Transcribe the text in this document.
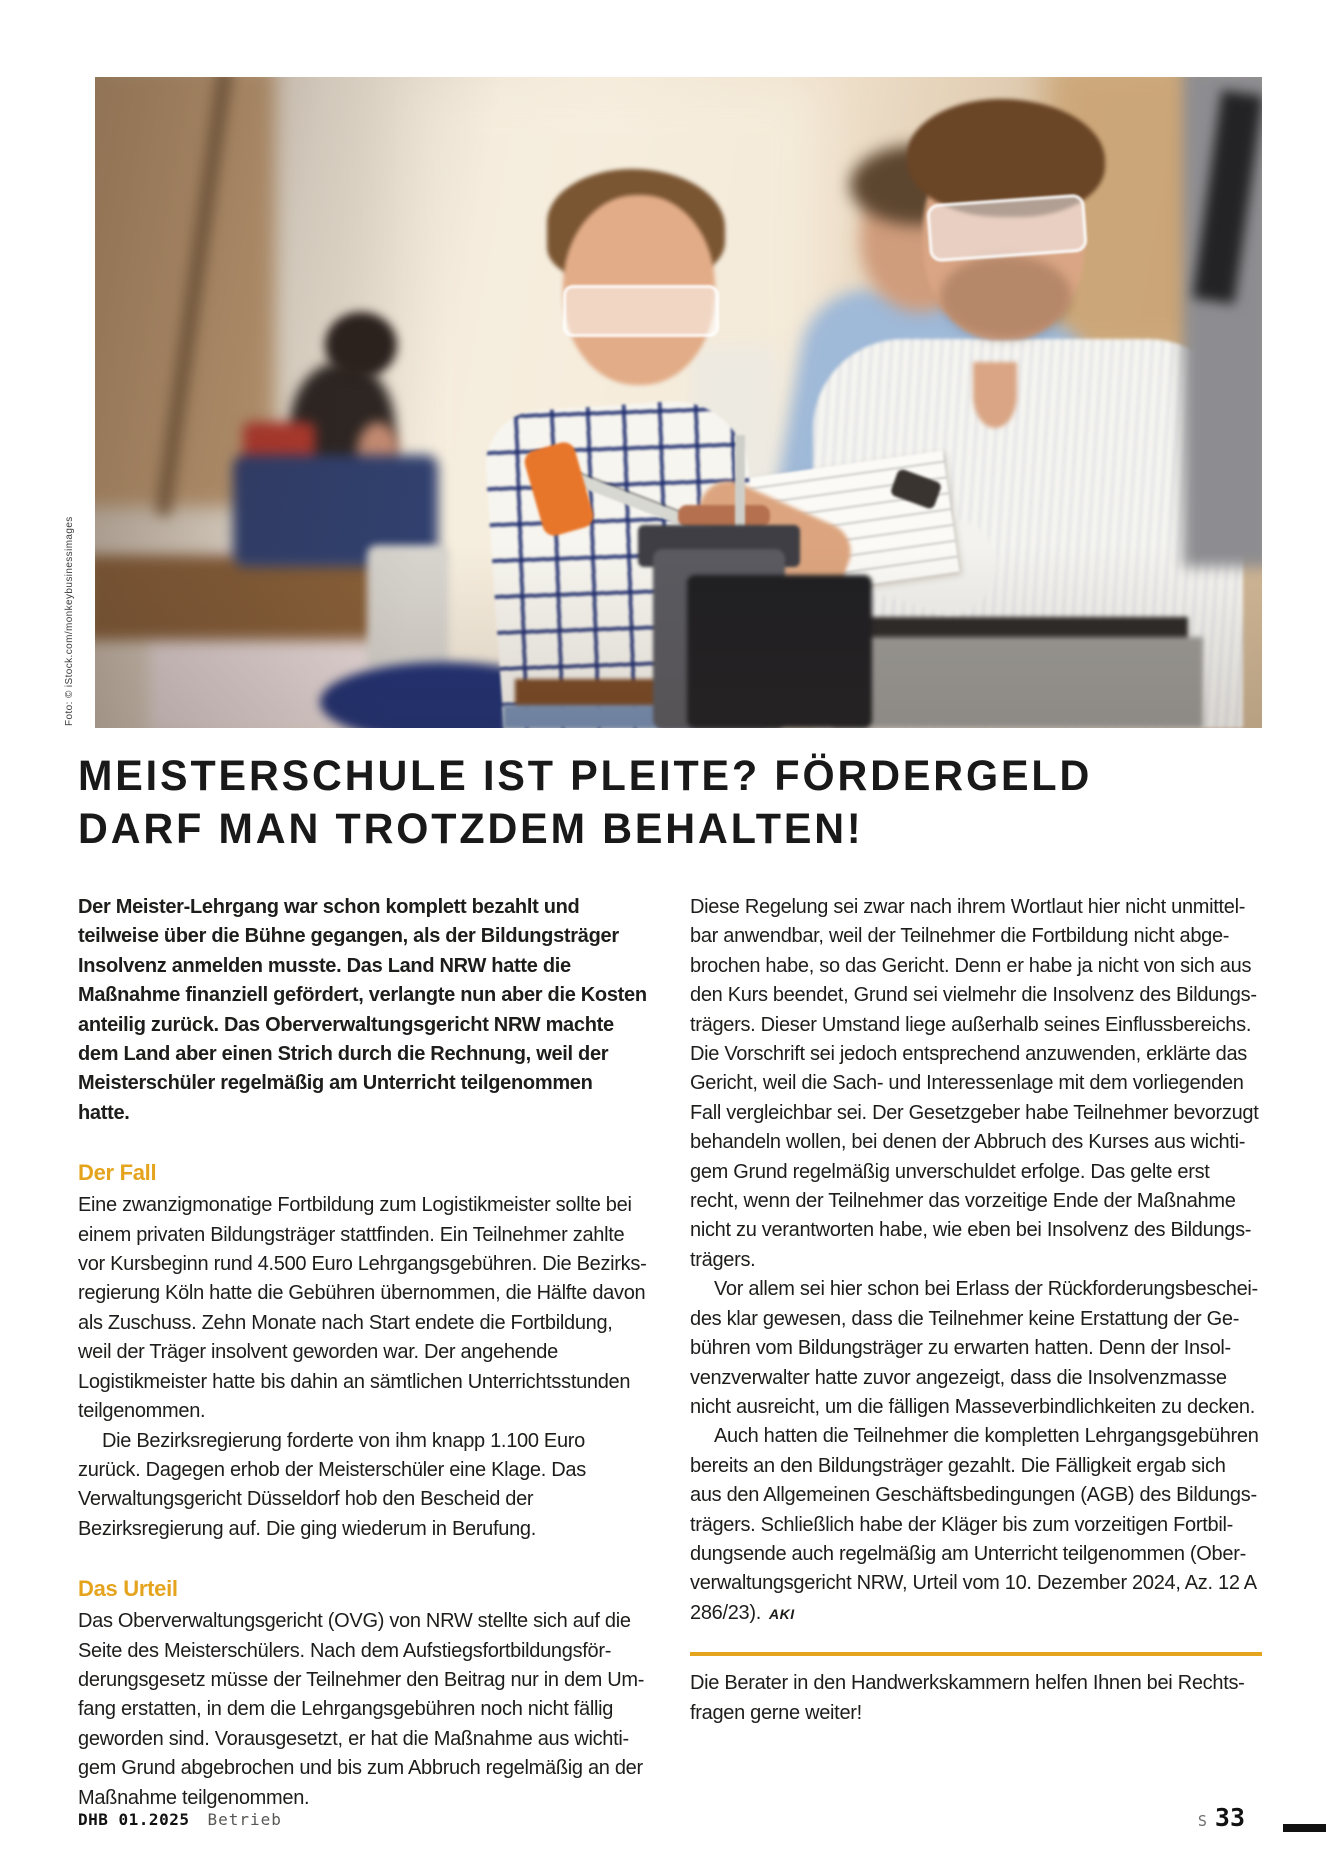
Foto: © iStock.com/monkeybusinessimages
MEISTERSCHULE IST PLEITE? FÖRDERGELD
DARF MAN TROTZDEM BEHALTEN!

Der Meister-Lehrgang war schon komplett bezahlt und teilweise über die Bühne gegangen, als der Bildungsträger Insolvenz anmelden musste. Das Land NRW hatte die Maßnahme finanziell gefördert, verlangte nun aber die Kosten anteilig zurück. Das Oberverwaltungsgericht NRW machte dem Land aber einen Strich durch die Rechnung, weil der Meisterschüler regelmäßig am Unterricht teilgenommen hatte.

Der Fall

Eine zwanzigmonatige Fortbildung zum Logistikmeister sollte bei einem privaten Bildungsträger stattfinden. Ein Teilnehmer zahlte vor Kursbeginn rund 4.500 Euro Lehrgangsgebühren. Die Bezirksregierung Köln hatte die Gebühren übernommen, die Hälfte davon als Zuschuss. Zehn Monate nach Start endete die Fortbildung, weil der Träger insolvent geworden war. Der angehende Logistikmeister hatte bis dahin an sämtlichen Unterrichtsstunden teilgenommen.

Die Bezirksregierung forderte von ihm knapp 1.100 Euro zurück. Dagegen erhob der Meisterschüler eine Klage. Das Verwaltungsgericht Düsseldorf hob den Bescheid der Bezirksregierung auf. Die ging wiederum in Berufung.

Das Urteil

Das Oberverwaltungsgericht (OVG) von NRW stellte sich auf die Seite des Meisterschülers. Nach dem Aufstiegsfortbildungsförderungsgesetz müsse der Teilnehmer den Beitrag nur in dem Umfang erstatten, in dem die Lehrgangsgebühren noch nicht fällig geworden sind. Vorausgesetzt, er hat die Maßnahme aus wichtigem Grund abgebrochen und bis zum Abbruch regelmäßig an der Maßnahme teilgenommen.

Diese Regelung sei zwar nach ihrem Wortlaut hier nicht unmittelbar anwendbar, weil der Teilnehmer die Fortbildung nicht abgebrochen habe, so das Gericht. Denn er habe ja nicht von sich aus den Kurs beendet, Grund sei vielmehr die Insolvenz des Bildungsträgers. Dieser Umstand liege außerhalb seines Einflussbereichs. Die Vorschrift sei jedoch entsprechend anzuwenden, erklärte das Gericht, weil die Sach- und Interessenlage mit dem vorliegenden Fall vergleichbar sei. Der Gesetzgeber habe Teilnehmer bevorzugt behandeln wollen, bei denen der Abbruch des Kurses aus wichtigem Grund regelmäßig unverschuldet erfolge. Das gelte erst recht, wenn der Teilnehmer das vorzeitige Ende der Maßnahme nicht zu verantworten habe, wie eben bei Insolvenz des Bildungsträgers.

Vor allem sei hier schon bei Erlass der Rückforderungsbescheides klar gewesen, dass die Teilnehmer keine Erstattung der Gebühren vom Bildungsträger zu erwarten hatten. Denn der Insolvenzverwalter hatte zuvor angezeigt, dass die Insolvenzmasse nicht ausreicht, um die fälligen Masseverbindlichkeiten zu decken.

Auch hatten die Teilnehmer die kompletten Lehrgangsgebühren bereits an den Bildungsträger gezahlt. Die Fälligkeit ergab sich aus den Allgemeinen Geschäftsbedingungen (AGB) des Bildungsträgers. Schließlich habe der Kläger bis zum vorzeitigen Fortbildungsende auch regelmäßig am Unterricht teilgenommen (Oberverwaltungsgericht NRW, Urteil vom 10. Dezember 2024, Az. 12 A 286/23). AKI

Die Berater in den Handwerkskammern helfen Ihnen bei Rechtsfragen gerne weiter!

DHB 01.2025 Betrieb	S 33
